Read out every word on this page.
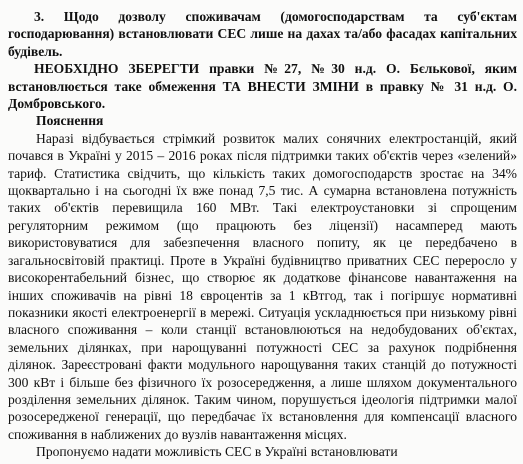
3. Щодо дозволу споживачам (домогосподарствам та суб'єктам господарювання) встановлювати СЕС лише на дахах та/або фасадах капітальних будівель.

НЕОБХІДНО ЗБЕРЕГТИ правки №27, №30 н.д. О. Бєлькової, яким встановлюється таке обмеження ТА ВНЕСТИ ЗМІНИ в правку № 31 н.д. О. Домбровського.

Пояснення

Наразі відбувається стрімкий розвиток малих сонячних електростанцій, який почався в Україні у 2015 – 2016 роках після підтримки таких об'єктів через «зелений» тариф. Статистика свідчить, що кількість таких домогосподарств зростає на 34% щоквартально і на сьогодні їх вже понад 7,5 тис. А сумарна встановлена потужність таких об'єктів перевищила 160 МВт. Такі електроустановки зі спрощеним регуляторним режимом (що працюють без ліцензії) насамперед мають використовуватися для забезпечення власного попиту, як це передбачено в загальносвітовій практиці. Проте в Україні будівництво приватних СЕС переросло у високорентабельний бізнес, що створює як додаткове фінансове навантаження на інших споживачів на рівні 18 євроцентів за 1 кВтгод, так і погіршує нормативні показники якості електроенергії в мережі. Ситуація ускладнюється при низькому рівні власного споживання – коли станції встановлюються на недобудованих об'єктах, земельних ділянках, при нарощуванні потужності СЕС за рахунок подрібнення ділянок. Зареєстровані факти модульного нарощування таких станцій до потужності 300 кВт і більше без фізичного їх розосередження, а лише шляхом документального розділення земельних ділянок. Таким чином, порушується ідеологія підтримки малої розосередженої генерації, що передбачає їх встановлення для компенсації власного споживання в наближених до вузлів навантаження місцях.

Пропонуємо надати можливість СЕС в Україні встановлювати
